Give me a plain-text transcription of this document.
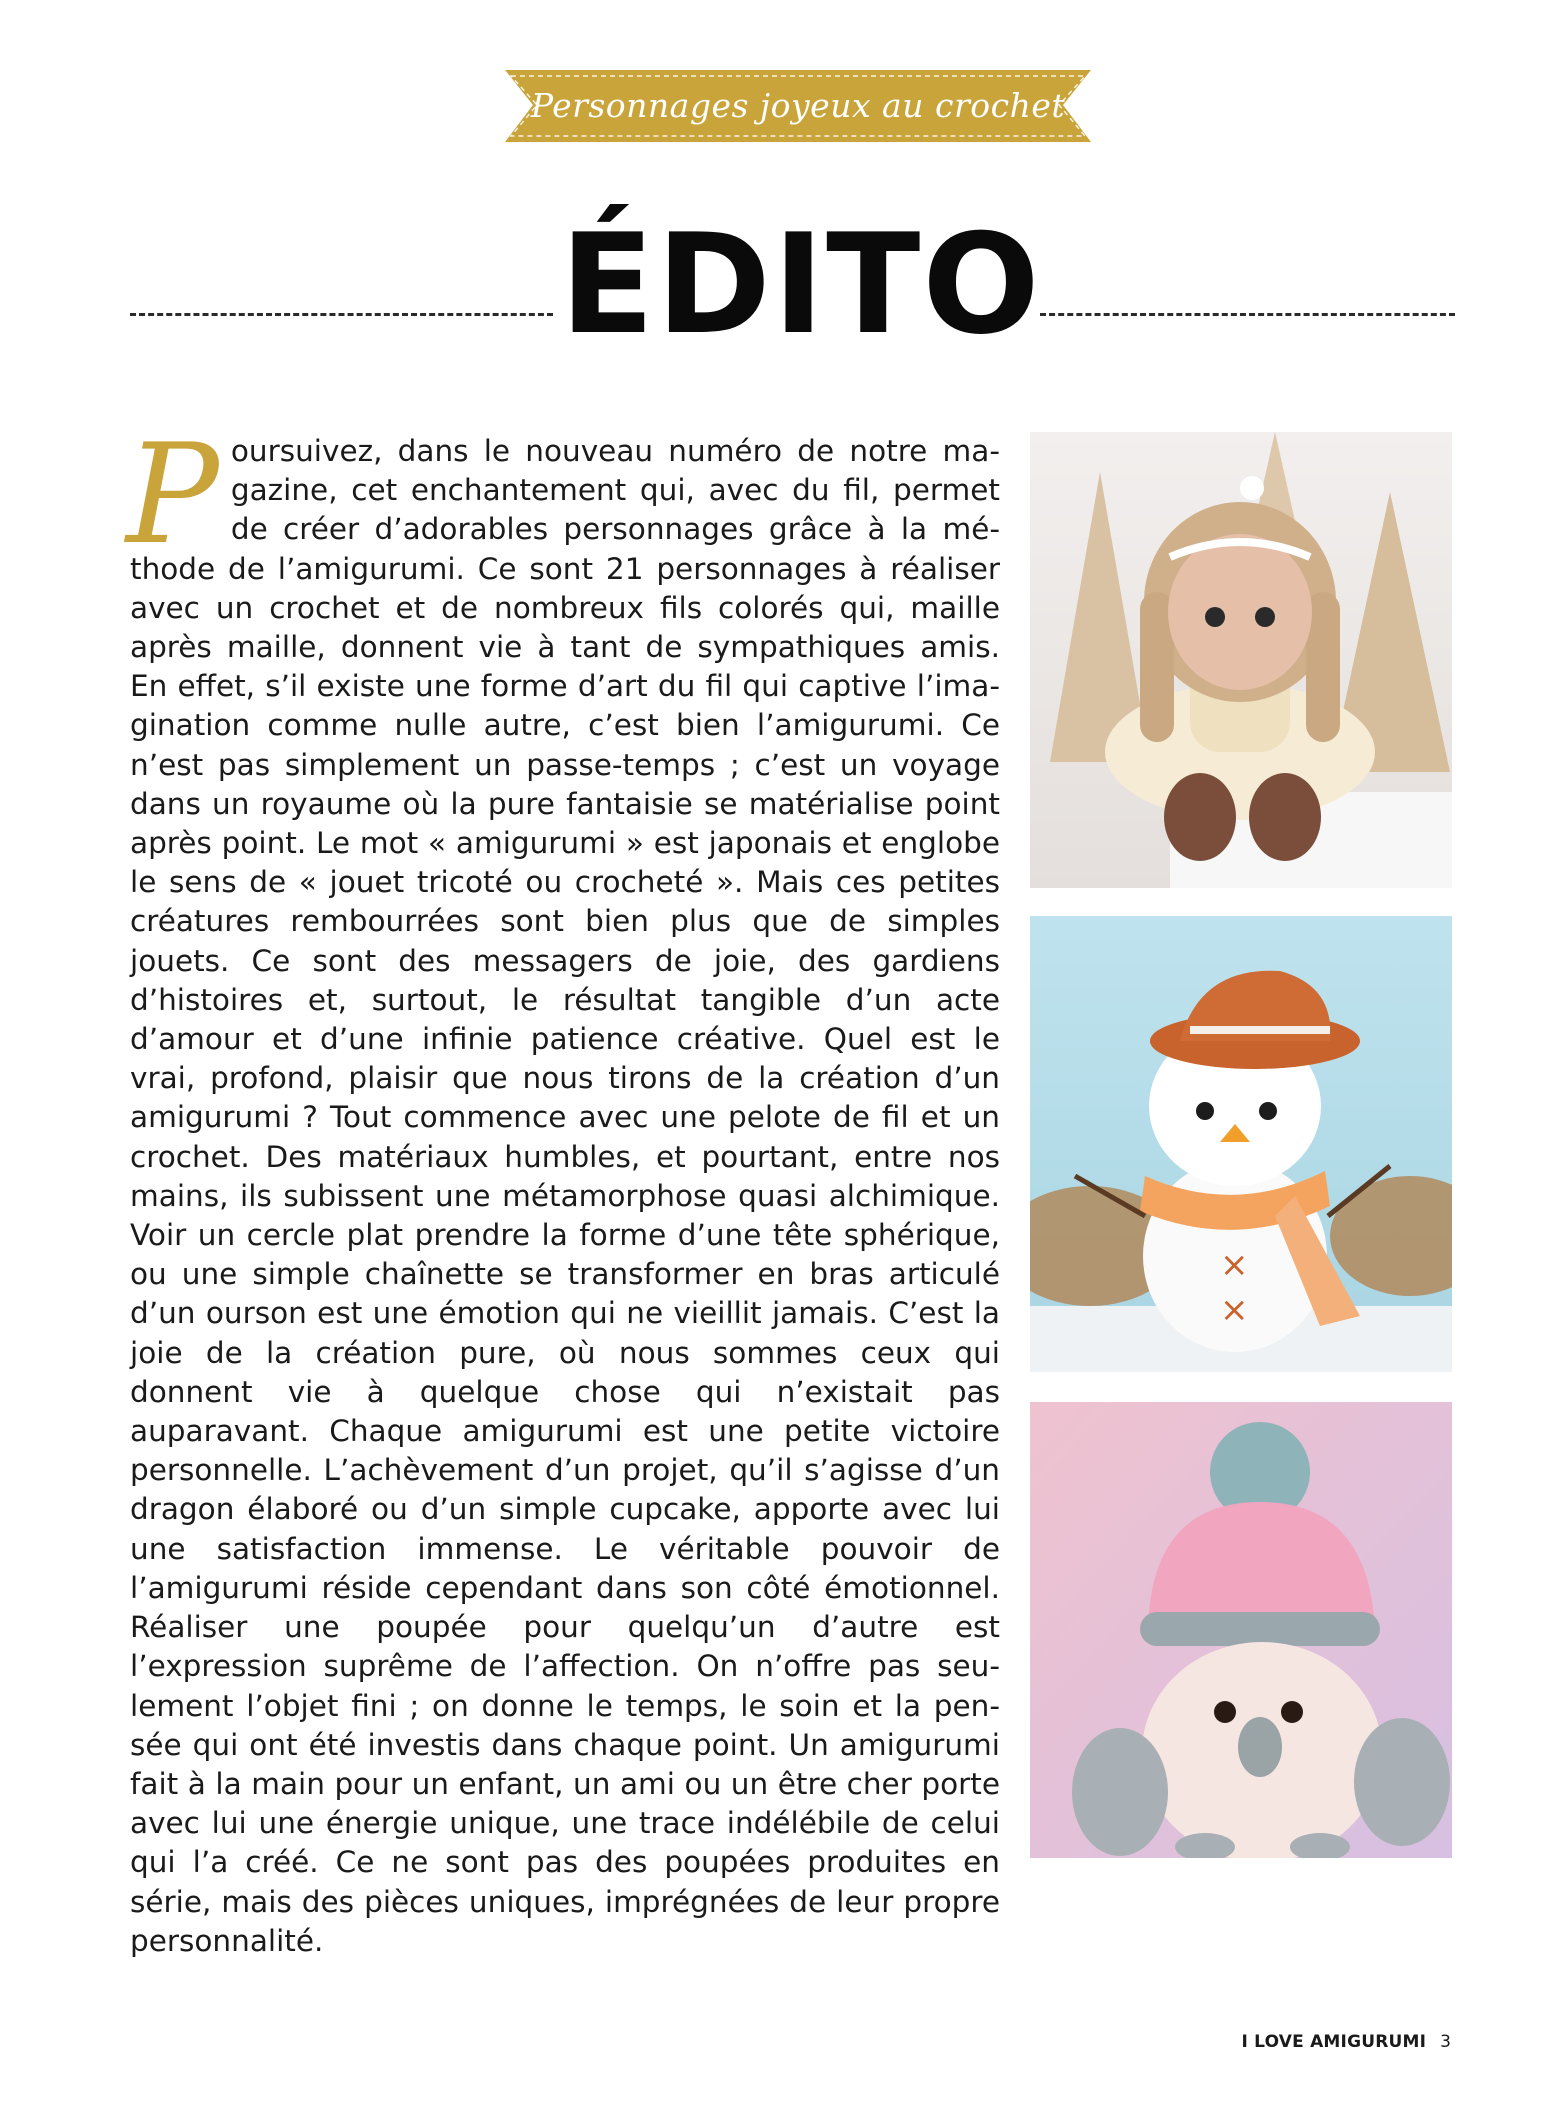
Personnages joyeux au crochet
ÉDITO
Poursuivez, dans le nouveau numéro de notre magazine, cet enchantement qui, avec du fil, permet de créer d’adorables personnages grâce à la méthode de l’amigurumi. Ce sont 21 personnages à réaliser avec un crochet et de nombreux fils colorés qui, maille après maille, donnent vie à tant de sympathiques amis. En effet, s’il existe une forme d’art du fil qui captive l’imagination comme nulle autre, c’est bien l’amigurumi. Ce n’est pas simplement un passe-temps ; c’est un voyage dans un royaume où la pure fantaisie se matérialise point après point. Le mot « amigurumi » est japonais et englobe le sens de « jouet tricoté ou crocheté ». Mais ces petites créatures rembourrées sont bien plus que de simples jouets. Ce sont des messagers de joie, des gardiens d’histoires et, surtout, le résultat tangible d’un acte d’amour et d’une infinie patience créative. Quel est le vrai, profond, plaisir que nous tirons de la création d’un amigurumi ? Tout commence avec une pelote de fil et un crochet. Des matériaux humbles, et pourtant, entre nos mains, ils subissent une métamorphose quasi alchimique. Voir un cercle plat prendre la forme d’une tête sphérique, ou une simple chaînette se transformer en bras articulé d’un ourson est une émotion qui ne vieillit jamais. C’est la joie de la création pure, où nous sommes ceux qui donnent vie à quelque chose qui n’existait pas auparavant. Chaque amigurumi est une petite victoire personnelle. L’achèvement d’un projet, qu’il s’agisse d’un dragon élaboré ou d’un simple cupcake, apporte avec lui une satisfaction immense. Le véritable pouvoir de l’amigurumi réside cependant dans son côté émotionnel. Réaliser une poupée pour quelqu’un d’autre est l’expression suprême de l’affection. On n’offre pas seulement l’objet fini ; on donne le temps, le soin et la pensée qui ont été investis dans chaque point. Un amigurumi fait à la main pour un enfant, un ami ou un être cher porte avec lui une énergie unique, une trace indélébile de celui qui l’a créé. Ce ne sont pas des poupées produites en série, mais des pièces uniques, imprégnées de leur propre personnalité.
×
×
I LOVE AMIGURUMI 3
